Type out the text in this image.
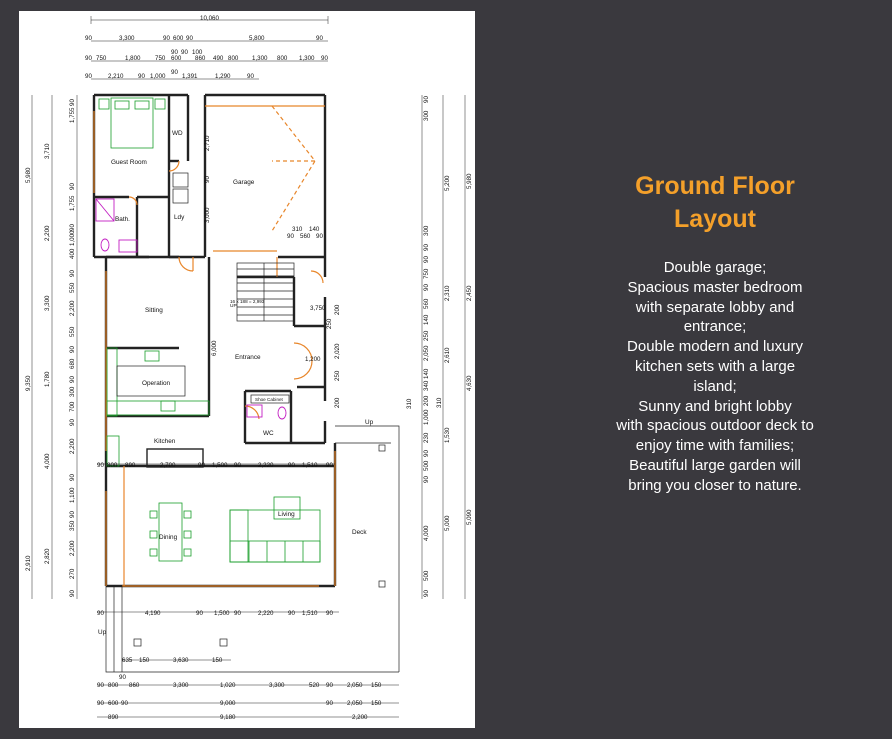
10,060
90	3,300	90 600 90	5,800	90
90 90 100
90 750	1,800 750 600 860 490 800 1,300 800 1,300 90
90
90	2,210 90 1,000	1,391	1,290	90
5,980
9,350
2,910
3,710
2,200
3,300
1,780
4,000
2,820
90
1,755
90
1,755
90
1,000
400
90
550
2,200
550
90
680
90
300
700
90
2,200
90
1,100
90
350
2,200
270
90
300
90
90
300
90
750
90
560
140
250
2,050
140
340
200
1,000
310	310
1,530
230
90
500
90
4,000
500
90
5,200
2,310
2,610
5,000
5,980
2,450
4,630
5,090
90 800 890	2,700	90 1,500 90	2,220 90 1,510 90
2,710
90
3,000
310 140
90 560 90
6,000
3,750
250
200
1,200
2,020
250
200
16 x 188 = 2,993
90	4,190	90 1,500 90	2,220 90 1,510 90
635 150	3,630	150
90
90 800 860	3,300	1,020	3,300	520 90 2,050 150
90 600 90	9,000	90 2,050 150
890	9,180	2,200
Guest Room
WD
Garage
Bath.	Ldy
Sitting
Entrance
Operation
Shoe Cabinet
WC
Kitchen
Living
Dining
Deck
Up
Up
UP
Ground Floor
Layout
Double garage;
Spacious master bedroom
with separate lobby and
entrance;
Double modern and luxury
kitchen sets with a large
island;
Sunny and bright lobby
with spacious outdoor deck to
enjoy time with families;
Beautiful large garden will
bring you closer to nature.
